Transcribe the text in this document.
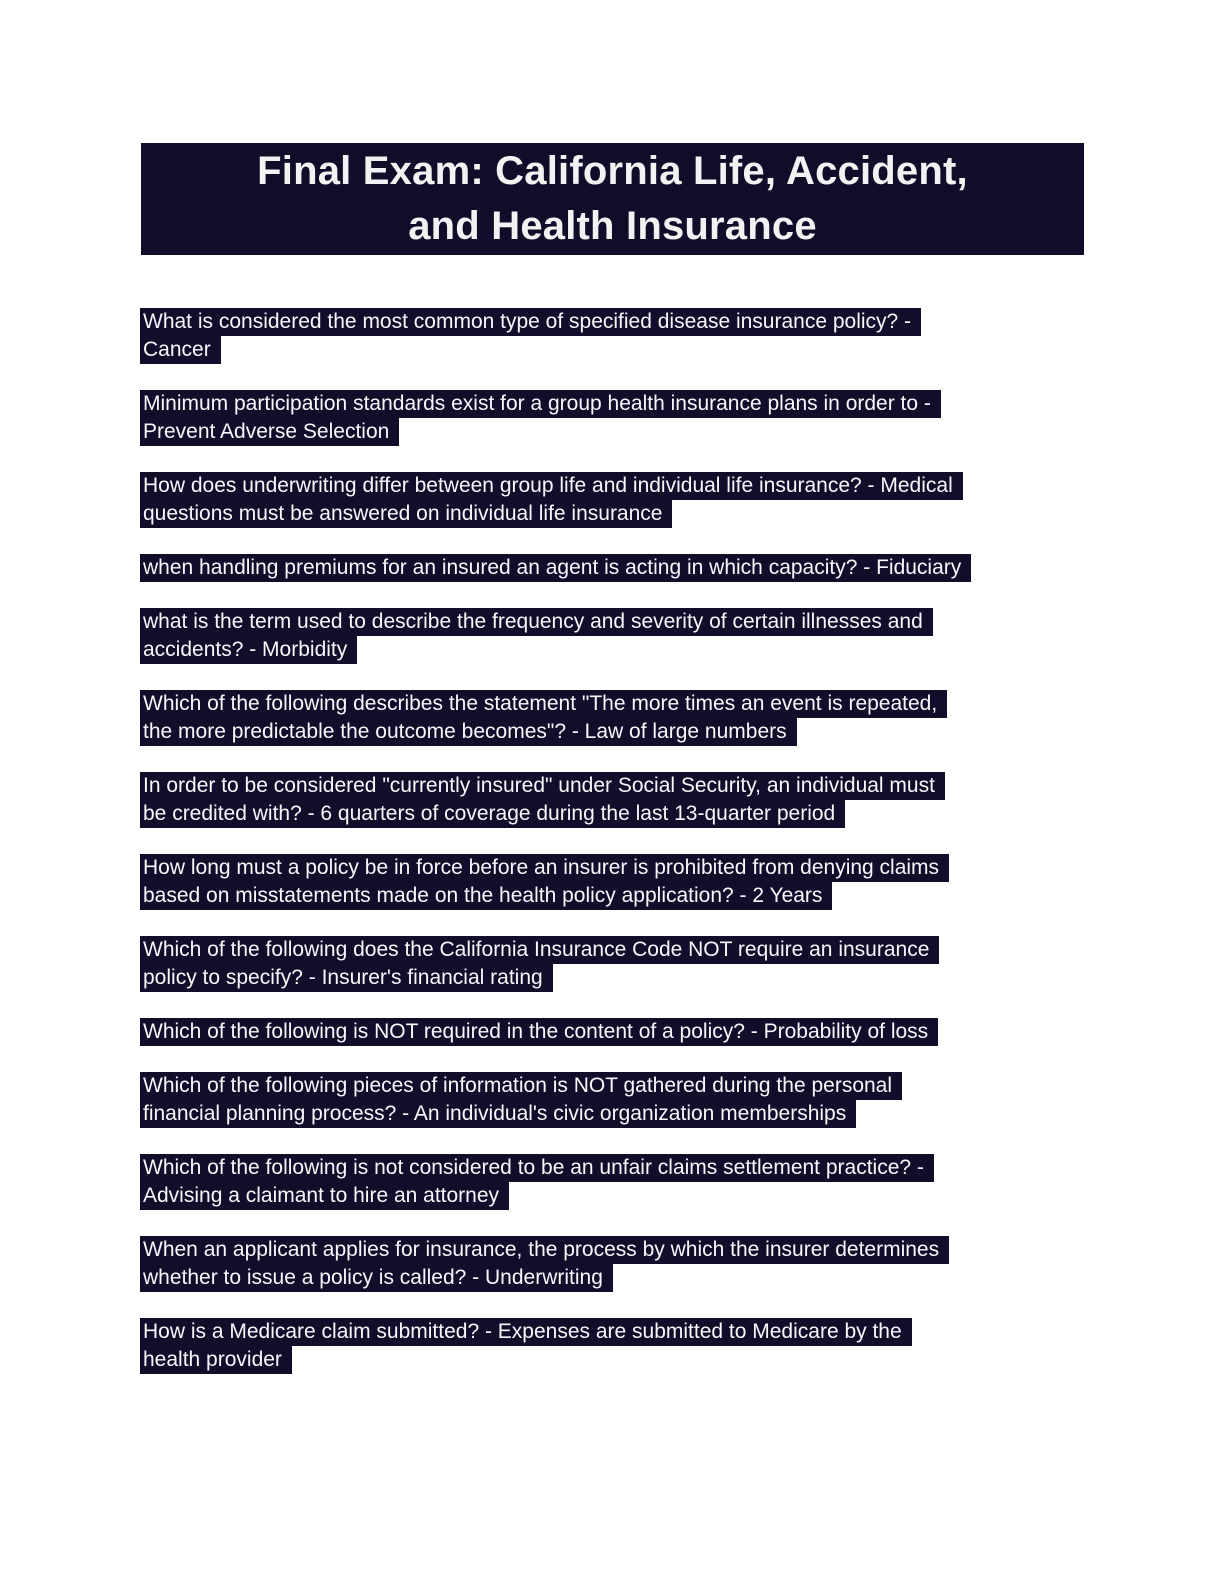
Final Exam: California Life, Accident,
and Health Insurance
What is considered the most common type of specified disease insurance policy? -
Cancer
Minimum participation standards exist for a group health insurance plans in order to -
Prevent Adverse Selection
How does underwriting differ between group life and individual life insurance? - Medical
questions must be answered on individual life insurance
when handling premiums for an insured an agent is acting in which capacity? - Fiduciary
what is the term used to describe the frequency and severity of certain illnesses and
accidents? - Morbidity
Which of the following describes the statement "The more times an event is repeated,
the more predictable the outcome becomes"? - Law of large numbers
In order to be considered "currently insured" under Social Security, an individual must
be credited with? - 6 quarters of coverage during the last 13-quarter period
How long must a policy be in force before an insurer is prohibited from denying claims
based on misstatements made on the health policy application? - 2 Years
Which of the following does the California Insurance Code NOT require an insurance
policy to specify? - Insurer's financial rating
Which of the following is NOT required in the content of a policy? - Probability of loss
Which of the following pieces of information is NOT gathered during the personal
financial planning process? - An individual's civic organization memberships
Which of the following is not considered to be an unfair claims settlement practice? -
Advising a claimant to hire an attorney
When an applicant applies for insurance, the process by which the insurer determines
whether to issue a policy is called? - Underwriting
How is a Medicare claim submitted? - Expenses are submitted to Medicare by the
health provider
